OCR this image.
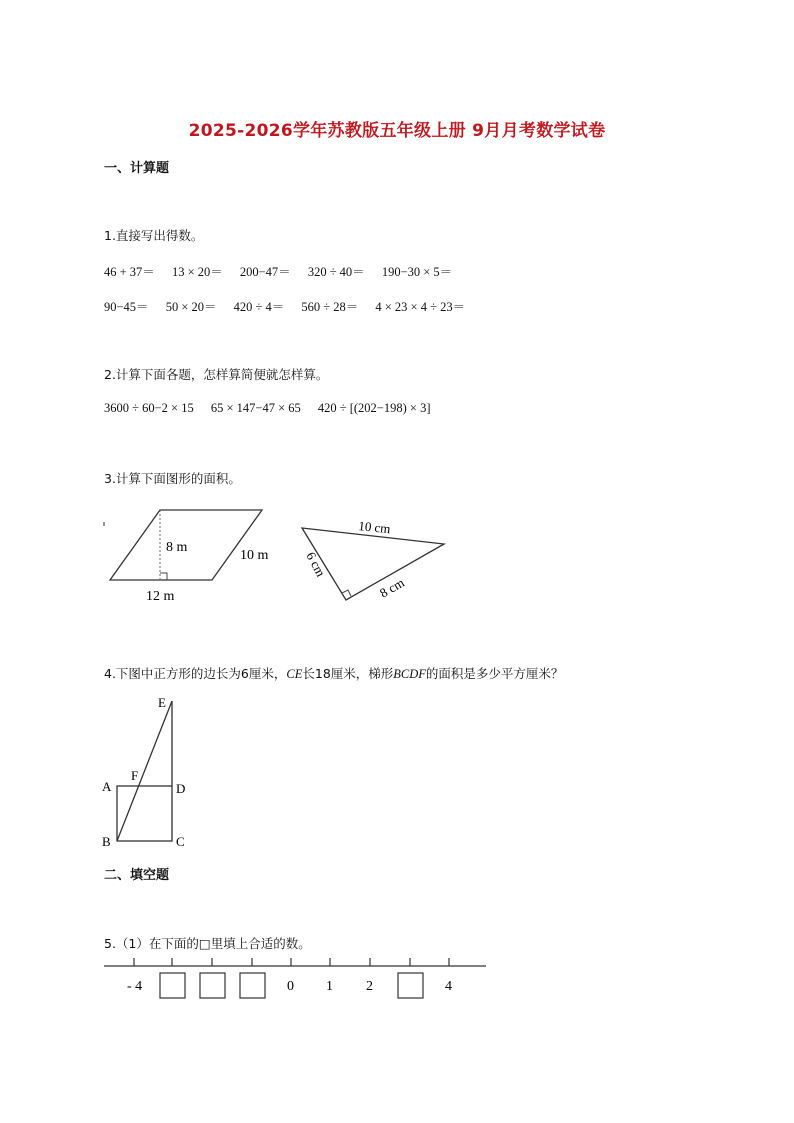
2025-2026学年苏教版五年级上册 9月月考数学试卷
一、计算题
1.直接写出得数。
46 + 37＝ 13 × 20＝ 200−47＝ 320 ÷ 40＝ 190−30 × 5＝
90−45＝ 50 × 20＝ 420 ÷ 4＝ 560 ÷ 28＝ 4 × 23 × 4 ÷ 23＝
2.计算下面各题，怎样算简便就怎样算。
3600 ÷ 60−2 × 15 65 × 147−47 × 65 420 ÷ [(202−198) × 3]
3.计算下面图形的面积。
8 m
10 m
12 m
10 cm
6 cm
8 cm
E
F
A	D
B	C
- 4	0 1 2	4
4.下图中正方形的边长为6厘米，CE长18厘米，梯形BCDF的面积是多少平方厘米？
二、填空题
5.（1）在下面的□里填上合适的数。
